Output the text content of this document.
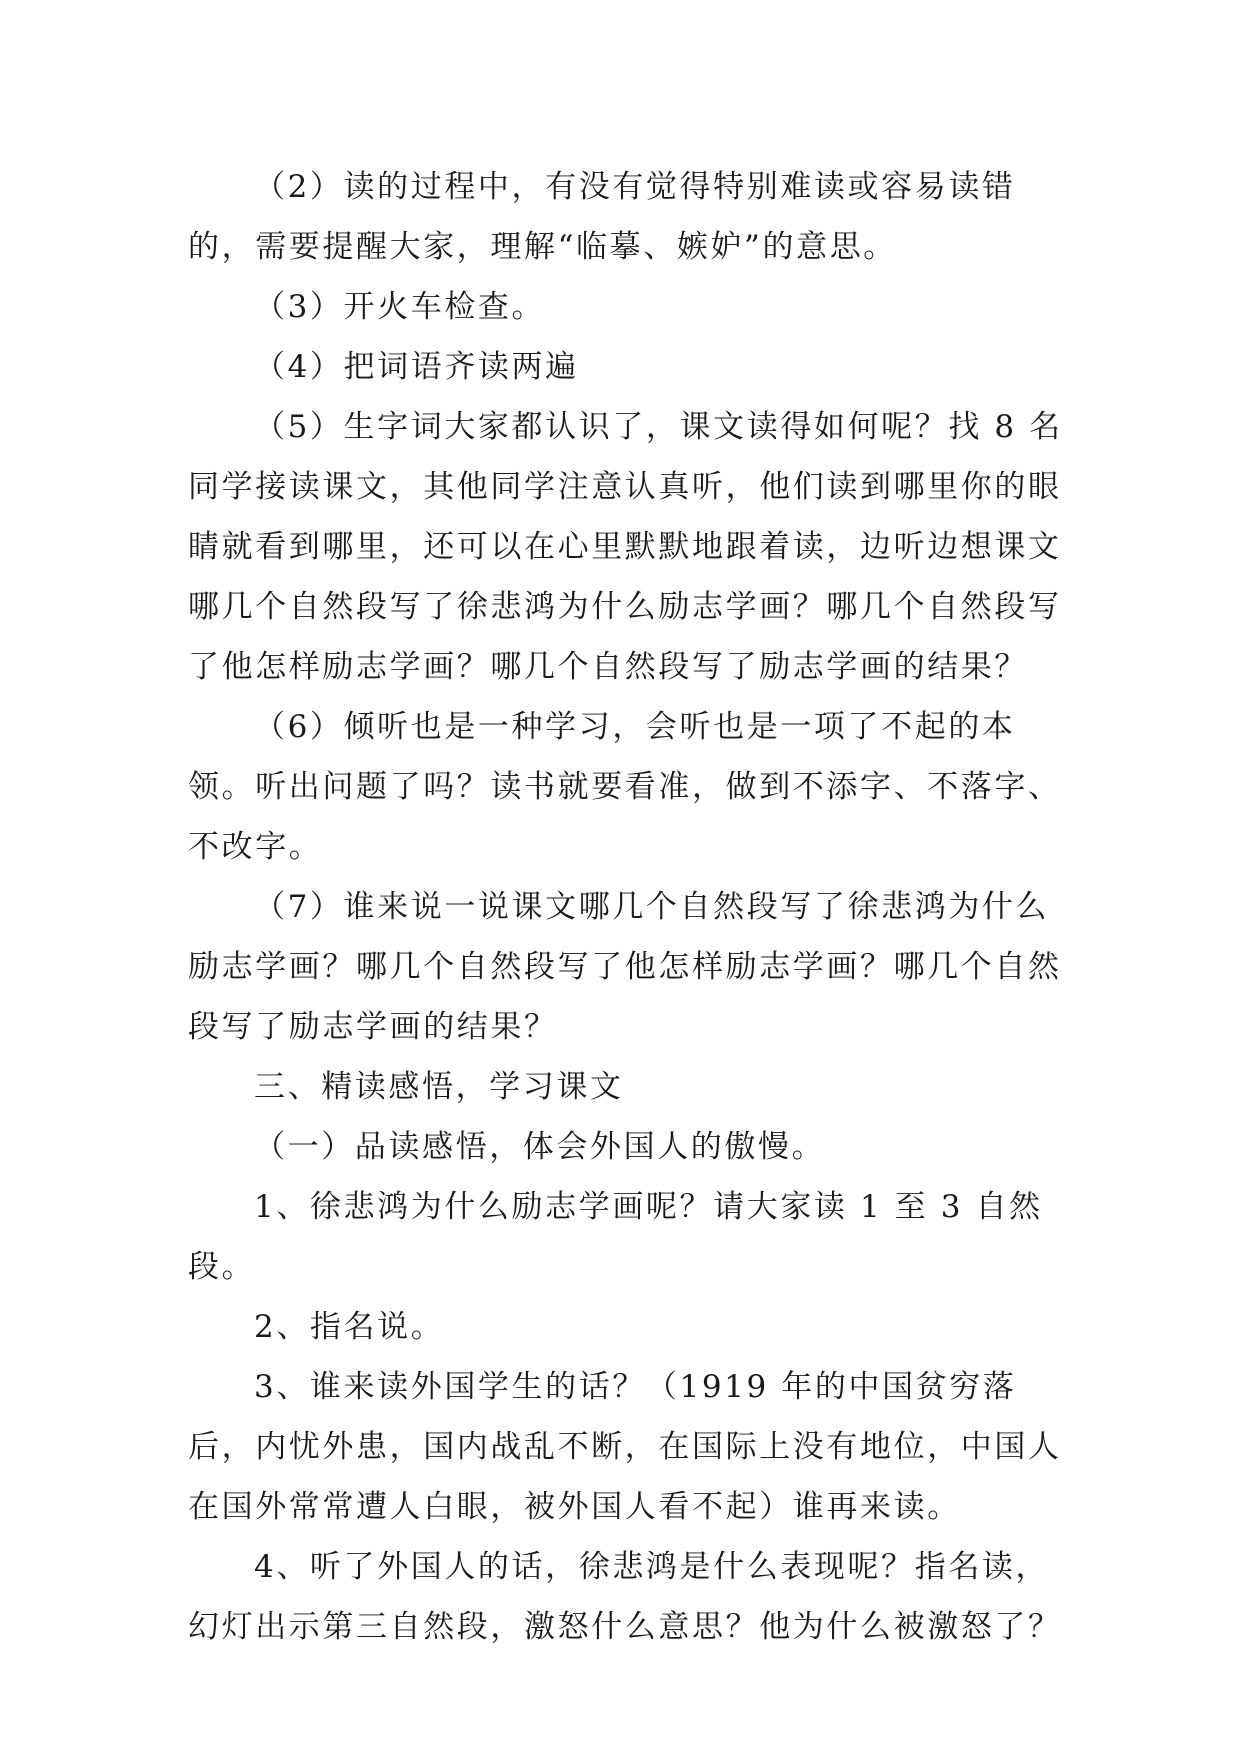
（2）读的过程中，有没有觉得特别难读或容易读错的，需要提醒大家，理解“临摹、嫉妒”的意思。

（3）开火车检查。

（4）把词语齐读两遍

（5）生字词大家都认识了，课文读得如何呢？找 8 名同学接读课文，其他同学注意认真听，他们读到哪里你的眼睛就看到哪里，还可以在心里默默地跟着读，边听边想课文哪几个自然段写了徐悲鸿为什么励志学画？哪几个自然段写了他怎样励志学画？哪几个自然段写了励志学画的结果？

（6）倾听也是一种学习，会听也是一项了不起的本领。听出问题了吗？读书就要看准，做到不添字、不落字、不改字。

（7）谁来说一说课文哪几个自然段写了徐悲鸿为什么励志学画？哪几个自然段写了他怎样励志学画？哪几个自然段写了励志学画的结果？

三、精读感悟，学习课文

（一）品读感悟，体会外国人的傲慢。

1、徐悲鸿为什么励志学画呢？请大家读 1 至 3 自然段。

2、指名说。

3、谁来读外国学生的话？（1919 年的中国贫穷落后，内忧外患，国内战乱不断，在国际上没有地位，中国人在国外常常遭人白眼，被外国人看不起）谁再来读。

4、听了外国人的话，徐悲鸿是什么表现呢？指名读，幻灯出示第三自然段，激怒什么意思？他为什么被激怒了？
